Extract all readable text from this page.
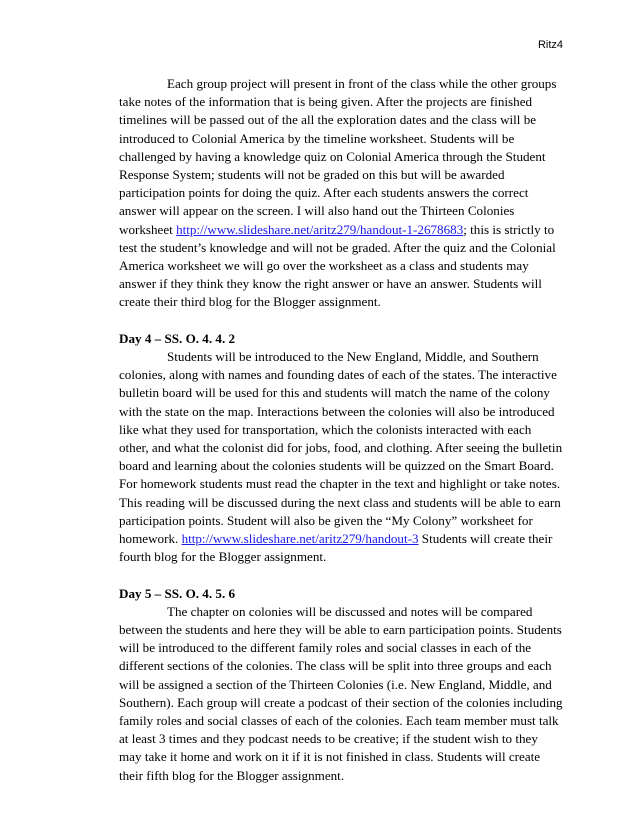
Ritz4

Each group project will present in front of the class while the other groups take notes of the information that is being given. After the projects are finished timelines will be passed out of the all the exploration dates and the class will be introduced to Colonial America by the timeline worksheet. Students will be challenged by having a knowledge quiz on Colonial America through the Student Response System; students will not be graded on this but will be awarded participation points for doing the quiz. After each students answers the correct answer will appear on the screen. I will also hand out the Thirteen Colonies worksheet http://www.slideshare.net/aritz279/handout-1-2678683; this is strictly to test the student’s knowledge and will not be graded. After the quiz and the Colonial America worksheet we will go over the worksheet as a class and students may answer if they think they know the right answer or have an answer. Students will create their third blog for the Blogger assignment.

Day 4 – SS. O. 4. 4. 2

Students will be introduced to the New England, Middle, and Southern colonies, along with names and founding dates of each of the states. The interactive bulletin board will be used for this and students will match the name of the colony with the state on the map. Interactions between the colonies will also be introduced like what they used for transportation, which the colonists interacted with each other, and what the colonist did for jobs, food, and clothing. After seeing the bulletin board and learning about the colonies students will be quizzed on the Smart Board. For homework students must read the chapter in the text and highlight or take notes. This reading will be discussed during the next class and students will be able to earn participation points. Student will also be given the “My Colony” worksheet for homework. http://www.slideshare.net/aritz279/handout-3 Students will create their fourth blog for the Blogger assignment.

Day 5 – SS. O. 4. 5. 6

The chapter on colonies will be discussed and notes will be compared between the students and here they will be able to earn participation points. Students will be introduced to the different family roles and social classes in each of the different sections of the colonies. The class will be split into three groups and each will be assigned a section of the Thirteen Colonies (i.e. New England, Middle, and Southern). Each group will create a podcast of their section of the colonies including family roles and social classes of each of the colonies. Each team member must talk at least 3 times and they podcast needs to be creative; if the student wish to they may take it home and work on it if it is not finished in class. Students will create their fifth blog for the Blogger assignment.
